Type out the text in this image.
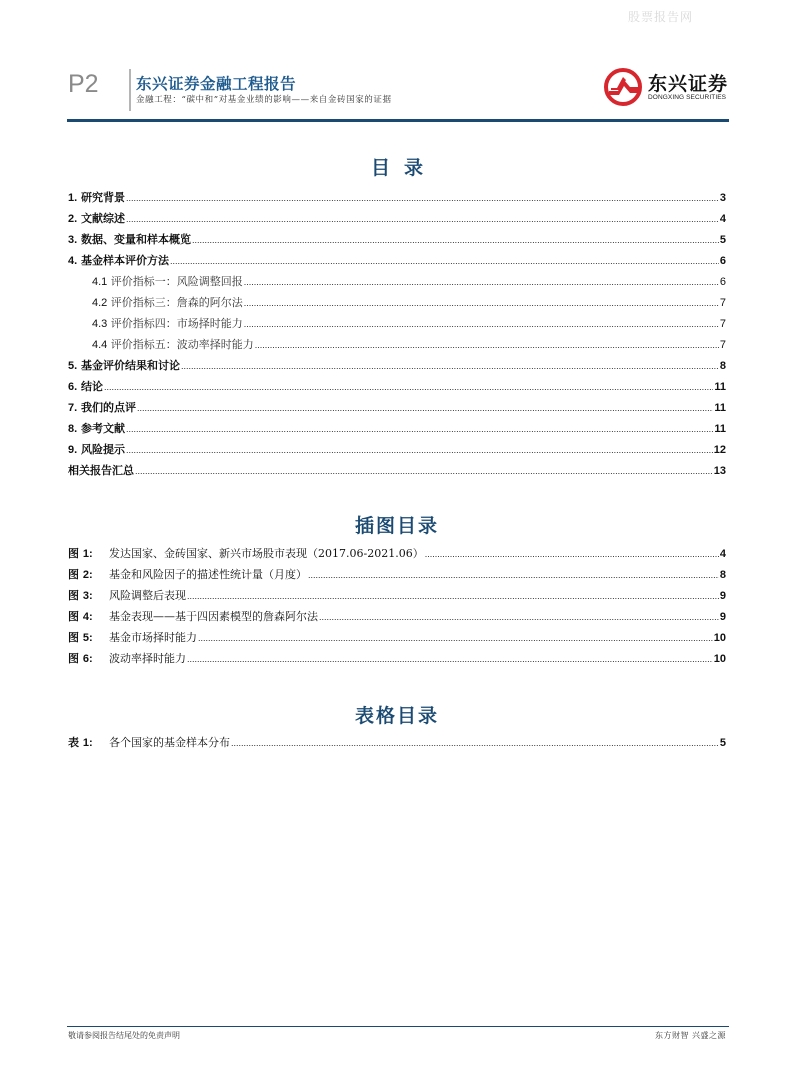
股票报告网
P2 东兴证券金融工程报告
金融工程：“碳中和”对基金业绩的影响——来自金砖国家的证据
东兴证券
DONGXING SECURITIES
目录
1. 研究背景 .....	3
2. 文献综述 .....	4
3. 数据、变量和样本概览 .....	5
4. 基金样本评价方法 .....	6
4.1 评价指标一：风险调整回报 .....	6
4.2 评价指标三：詹森的阿尔法 .....	7
4.3 评价指标四：市场择时能力 .....	7
4.4 评价指标五：波动率择时能力 .....	7
5. 基金评价结果和讨论 .....	8
6. 结论 .....	11
7. 我们的点评 .....	11
8. 参考文献 .....	11
9. 风险提示 .....	12
相关报告汇总 .....	13
插图目录
图 1: 发达国家、金砖国家、新兴市场股市表现（2017.06-2021.06） .....	4
图 2: 基金和风险因子的描述性统计量（月度） .....	8
图 3: 风险调整后表现 .....	9
图 4: 基金表现——基于四因素模型的詹森阿尔法 .....	9
图 5: 基金市场择时能力 .....	10
图 6: 波动率择时能力 .....	10
表格目录
表 1: 各个国家的基金样本分布 .....	5
敬请参阅报告结尾处的免责声明	东方财智 兴盛之源
